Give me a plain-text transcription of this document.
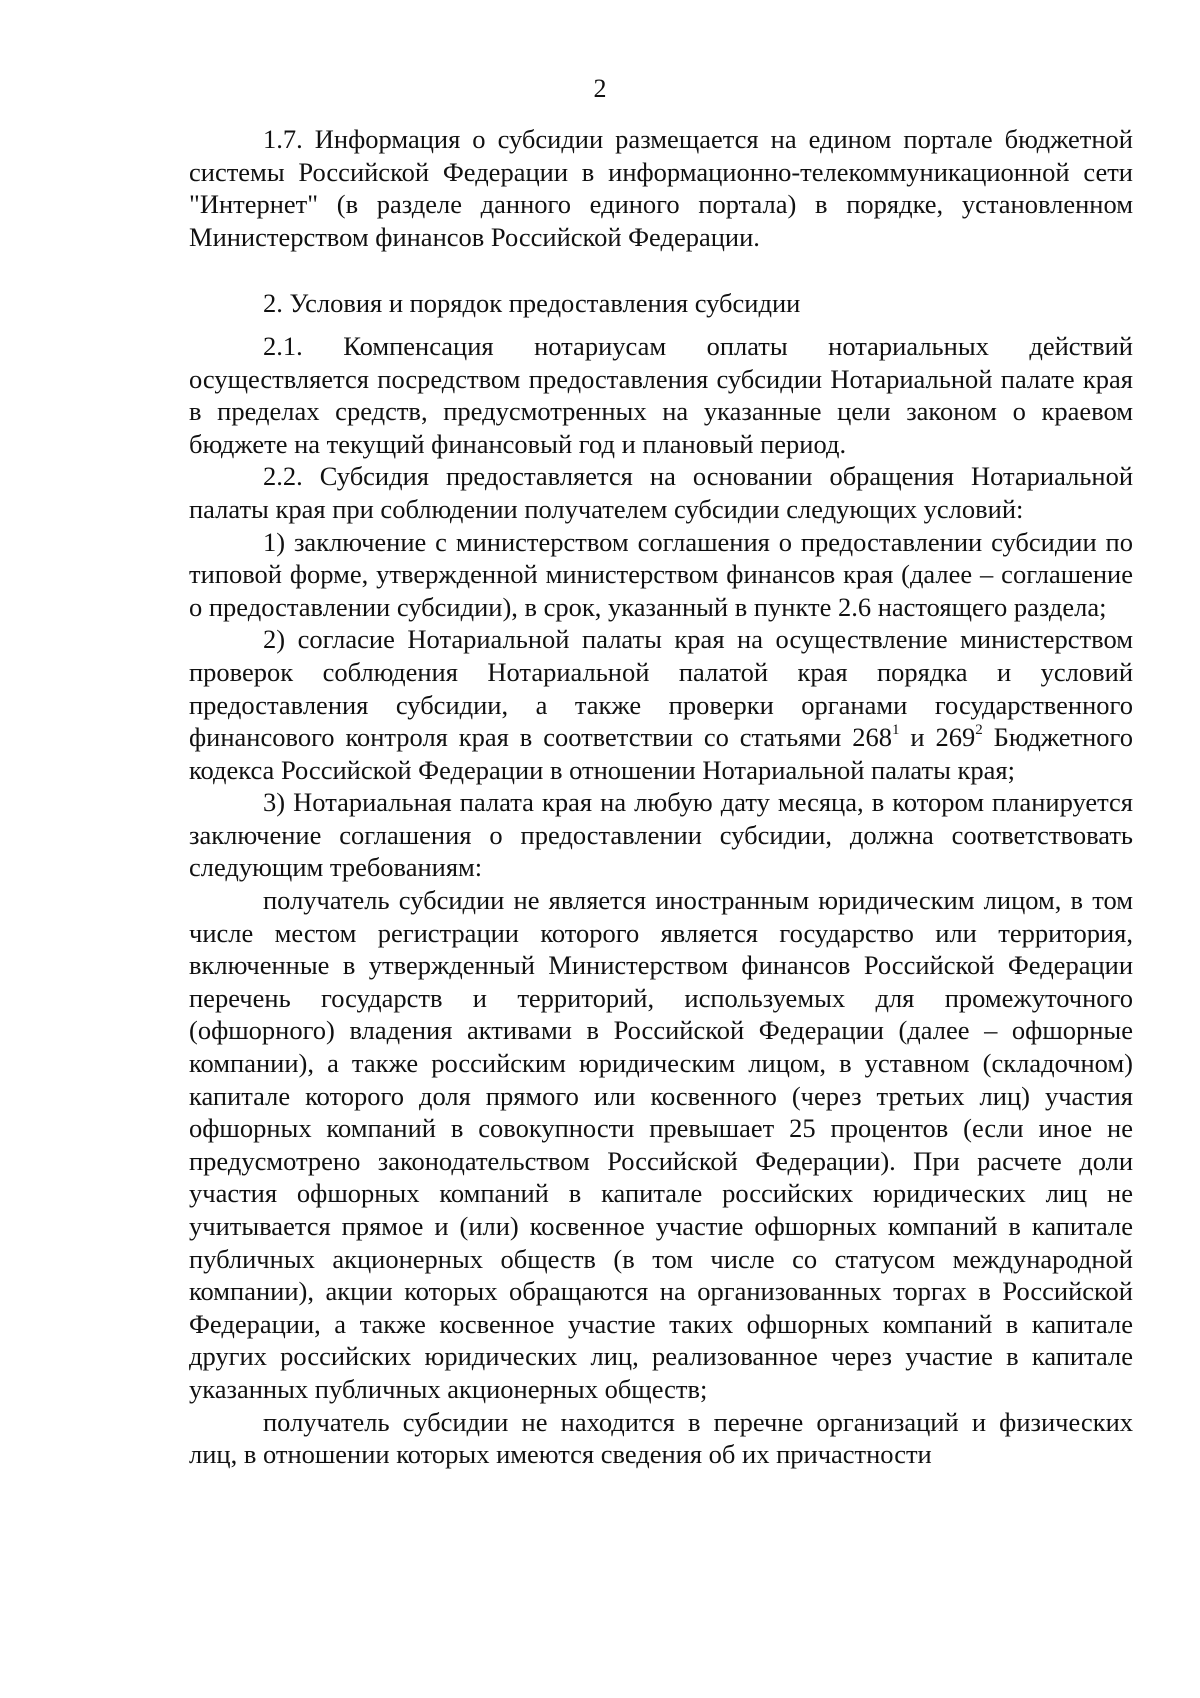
2

1.7. Информация о субсидии размещается на едином портале бюджетной системы Российской Федерации в информационно-телекоммуникационной сети "Интернет" (в разделе данного единого портала) в порядке, установленном Министерством финансов Российской Федерации.

2. Условия и порядок предоставления субсидии

2.1. Компенсация нотариусам оплаты нотариальных действий осуществляется посредством предоставления субсидии Нотариальной палате края в пределах средств, предусмотренных на указанные цели законом о краевом бюджете на текущий финансовый год и плановый период.

2.2. Субсидия предоставляется на основании обращения Нотариальной палаты края при соблюдении получателем субсидии следующих условий:

1) заключение с министерством соглашения о предоставлении субсидии по типовой форме, утвержденной министерством финансов края (далее – соглашение о предоставлении субсидии), в срок, указанный в пункте 2.6 настоящего раздела;

2) согласие Нотариальной палаты края на осуществление министерством проверок соблюдения Нотариальной палатой края порядка и условий предоставления субсидии, а также проверки органами государственного финансового контроля края в соответствии со статьями $268^1$ и $269^2$ Бюджетного кодекса Российской Федерации в отношении Нотариальной палаты края;

3) Нотариальная палата края на любую дату месяца, в котором планируется заключение соглашения о предоставлении субсидии, должна соответствовать следующим требованиям:

получатель субсидии не является иностранным юридическим лицом, в том числе местом регистрации которого является государство или территория, включенные в утвержденный Министерством финансов Российской Федерации перечень государств и территорий, используемых для промежуточного (офшорного) владения активами в Российской Федерации (далее – офшорные компании), а также российским юридическим лицом, в уставном (складочном) капитале которого доля прямого или косвенного (через третьих лиц) участия офшорных компаний в совокупности превышает 25 процентов (если иное не предусмотрено законодательством Российской Федерации). При расчете доли участия офшорных компаний в капитале российских юридических лиц не учитывается прямое и (или) косвенное участие офшорных компаний в капитале публичных акционерных обществ (в том числе со статусом международной компании), акции которых обращаются на организованных торгах в Российской Федерации, а также косвенное участие таких офшорных компаний в капитале других российских юридических лиц, реализованное через участие в капитале указанных публичных акционерных обществ;

получатель субсидии не находится в перечне организаций и физических лиц, в отношении которых имеются сведения об их причастности
